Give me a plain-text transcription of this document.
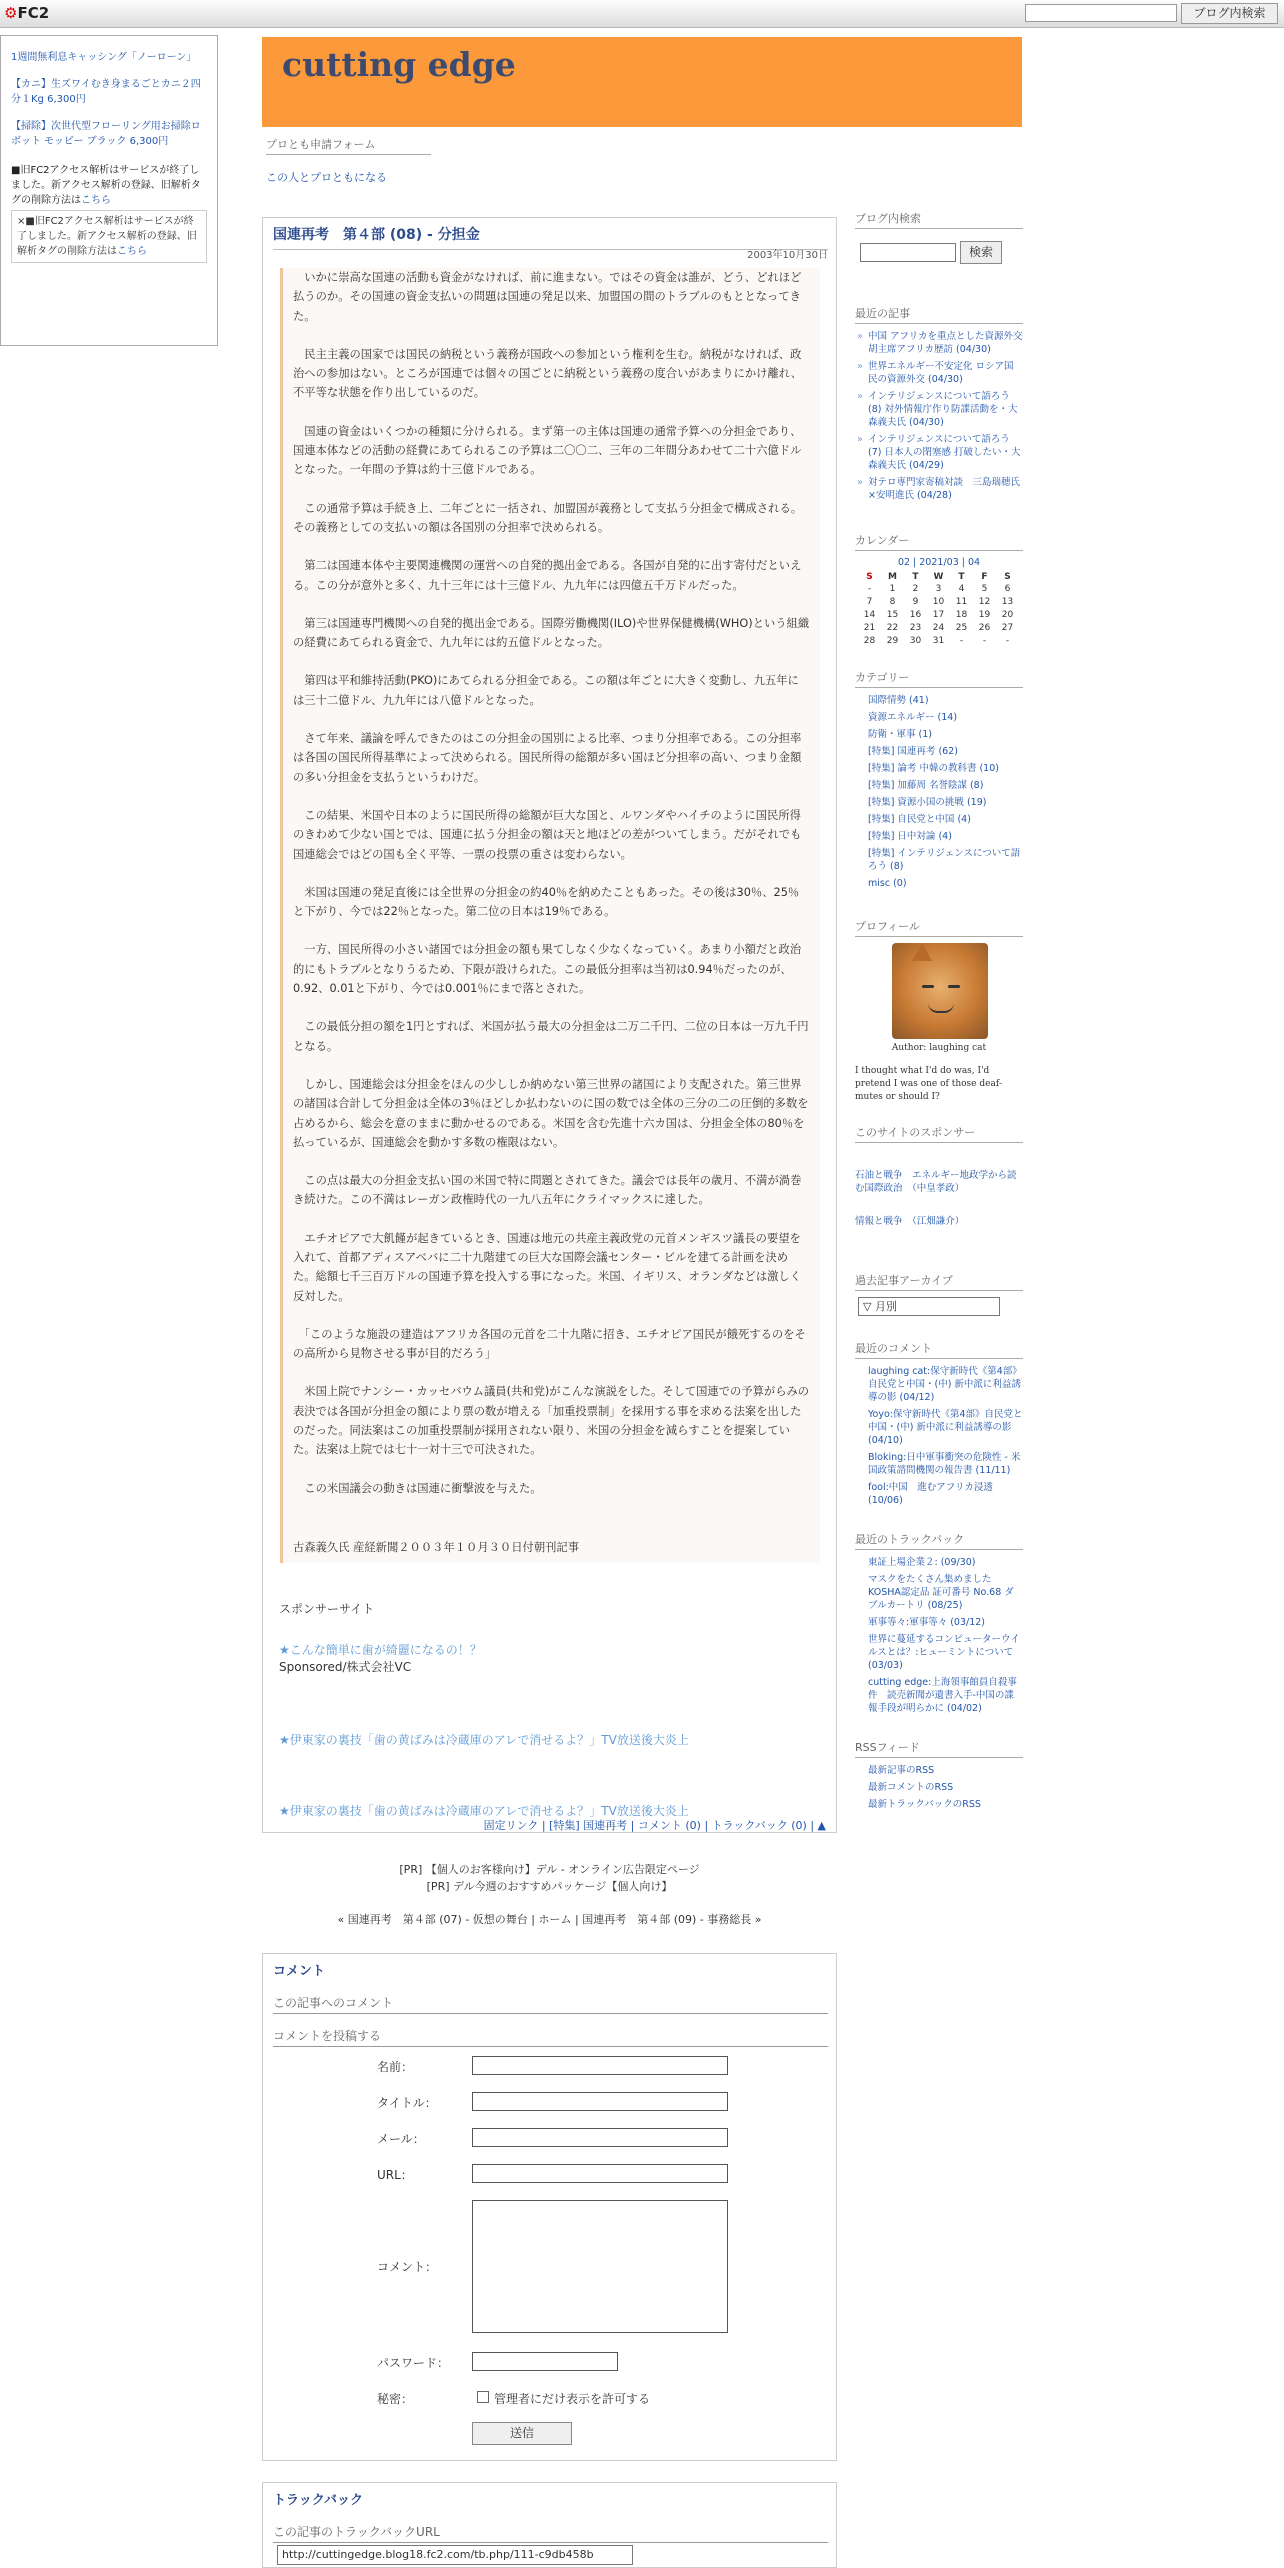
⚙FC2	ブログ内検索

1週間無利息キャッシング「ノーローン」

【カニ】生ズワイむき身まるごとカニ２四分１Kg 6,300円

【掃除】次世代型フローリング用お掃除ロボット モッピー ブラック 6,300円

■旧FC2アクセス解析はサービスが終了しました。新アクセス解析の登録、旧解析タグの削除方法はこちら
×■旧FC2アクセス解析はサービスが終了しました。新アクセス解析の登録、旧解析タグの削除方法はこちら
cutting edge
プロとも申請フォーム
この人とプロともになる
国連再考　第４部 (08) - 分担金
2003年10月30日

　いかに崇高な国連の活動も資金がなければ、前に進まない。ではその資金は誰が、どう、どれほど払うのか。その国連の資金支払いの問題は国連の発足以来、加盟国の間のトラブルのもととなってきた。

　民主主義の国家では国民の納税という義務が国政への参加という権利を生む。納税がなければ、政治への参加はない。ところが国連では個々の国ごとに納税という義務の度合いがあまりにかけ離れ、不平等な状態を作り出しているのだ。

　国連の資金はいくつかの種類に分けられる。まず第一の主体は国連の通常予算への分担金であり、国連本体などの活動の経費にあてられるこの予算は二〇〇二、三年の二年間分あわせて二十六億ドルとなった。一年間の予算は約十三億ドルである。

　この通常予算は手続き上、二年ごとに一括され、加盟国が義務として支払う分担金で構成される。その義務としての支払いの額は各国別の分担率で決められる。

　第二は国連本体や主要関連機関の運営への自発的拠出金である。各国が自発的に出す寄付だといえる。この分が意外と多く、九十三年には十三億ドル、九九年には四億五千万ドルだった。

　第三は国連専門機関への自発的拠出金である。国際労働機関(ILO)や世界保健機構(WHO)という組織の経費にあてられる資金で、九九年には約五億ドルとなった。

　第四は平和維持活動(PKO)にあてられる分担金である。この額は年ごとに大きく変動し、九五年には三十二億ドル、九九年には八億ドルとなった。

　さて年来、議論を呼んできたのはこの分担金の国別による比率、つまり分担率である。この分担率は各国の国民所得基準によって決められる。国民所得の総額が多い国ほど分担率の高い、つまり金額の多い分担金を支払うというわけだ。

　この結果、米国や日本のように国民所得の総額が巨大な国と、ルワンダやハイチのように国民所得のきわめて少ない国とでは、国連に払う分担金の額は天と地ほどの差がついてしまう。だがそれでも国連総会ではどの国も全く平等、一票の投票の重さは変わらない。

　米国は国連の発足直後には全世界の分担金の約40％を納めたこともあった。その後は30％、25％と下がり、今では22％となった。第二位の日本は19％である。

　一方、国民所得の小さい諸国では分担金の額も果てしなく少なくなっていく。あまり小額だと政治的にもトラブルとなりうるため、下限が設けられた。この最低分担率は当初は0.94％だったのが、0.92、0.01と下がり、今では0.001％にまで落とされた。

　この最低分担の額を1円とすれば、米国が払う最大の分担金は二万二千円、二位の日本は一万九千円となる。

　しかし、国連総会は分担金をほんの少ししか納めない第三世界の諸国により支配された。第三世界の諸国は合計して分担金は全体の3％ほどしか払わないのに国の数では全体の三分の二の圧倒的多数を占めるから、総会を意のままに動かせるのである。米国を含む先進十六カ国は、分担金全体の80％を払っているが、国連総会を動かす多数の権限はない。

　この点は最大の分担金支払い国の米国で特に問題とされてきた。議会では長年の歳月、不満が渦巻き続けた。この不満はレーガン政権時代の一九八五年にクライマックスに達した。

　エチオピアで大飢饉が起きているとき、国連は地元の共産主義政党の元首メンギスツ議長の要望を入れて、首都アディスアベバに二十九階建ての巨大な国際会議センター・ビルを建てる計画を決めた。総額七千三百万ドルの国連予算を投入する事になった。米国、イギリス、オランダなどは激しく反対した。

　「このような施設の建造はアフリカ各国の元首を二十九階に招き、エチオピア国民が餓死するのをその高所から見物させる事が目的だろう」

　米国上院でナンシー・カッセバウム議員(共和党)がこんな演説をした。そして国連での予算がらみの表決では各国が分担金の額により票の数が増える「加重投票制」を採用する事を求める法案を出したのだった。同法案はこの加重投票制が採用されない限り、米国の分担金を減らすことを提案していた。法案は上院では七十一対十三で可決された。

　この米国議会の動きは国連に衝撃波を与えた。

古森義久氏 産経新聞２００３年１０月３０日付朝刊記事

スポンサーサイト
★こんな簡単に歯が綺麗になるの！？
Sponsored/株式会社VC
★伊東家の裏技「歯の黄ばみは冷蔵庫のアレで消せるよ？」TV放送後大炎上
★伊東家の裏技「歯の黄ばみは冷蔵庫のアレで消せるよ？」TV放送後大炎上
固定リンク | [特集] 国連再考 | コメント (0) | トラックバック (0) | ▲
[PR] 【個人のお客様向け】デル - オンライン広告限定ページ
[PR] デル今週のおすすめパッケージ【個人向け】
« 国連再考　第４部 (07) - 仮想の舞台 | ホーム | 国連再考　第４部 (09) - 事務総長 »
コメント
この記事へのコメント
コメントを投稿する
名前：
タイトル：
メール：
URL：
コメント：
パスワード：
秘密：	管理者にだけ表示を許可する
送信
トラックバック
この記事のトラックバックURL
http://cuttingedge.blog18.fc2.com/tb.php/111-c9db458b
ブログ内検索
検索
最近の記事
» 中国 アフリカを重点とした資源外交 胡主席アフリカ歴訪 (04/30)
» 世界エネルギー不安定化 ロシア国民の資源外交 (04/30)
» インテリジェンスについて語ろう (8) 対外情報庁作り防諜活動を・大森義夫氏 (04/30)
» インテリジェンスについて語ろう (7) 日本人の閉塞感 打破したい・大森義夫氏 (04/29)
» 対テロ専門家寄稿対談　三島瑞穂氏×安明進氏 (04/28)
カレンダー
02 | 2021/03 | 04
S	M	T	W	T	F	S
-	1	2	3	4	5	6
7	8	9	10	11	12	13
14	15	16	17	18	19	20
21	22	23	24	25	26	27
28	29	30	31	-	-	-
カテゴリー
国際情勢 (41)
資源エネルギー (14)
防衛・軍事 (1)
[特集] 国連再考 (62)
[特集] 論考 中韓の教科書 (10)
[特集] 加藤周 名誉陰謀 (8)
[特集] 資源小国の挑戦 (19)
[特集] 自民党と中国 (4)
[特集] 日中対論 (4)
[特集] インテリジェンスについて語ろう (8)
misc (0)
プロフィール
Author: laughing cat
I thought what I'd do was, I'd pretend I was one of those deaf-mutes or should I?
このサイトのスポンサー
石油と戦争　エネルギー地政学から読む国際政治　（中皇孝政）
情報と戦争　（江畑謙介）
過去記事アーカイブ
▽ 月別
最近のコメント
laughing cat:保守新時代《第4部》自民党と中国・(中) 新中派に利益誘導の影 (04/12)
Yoyo:保守新時代《第4部》自民党と中国・(中) 新中派に利益誘導の影 (04/10)
Bloking:日中軍事衝突の危険性 - 米国政策諮問機関の報告書 (11/11)
fool:中国　進むアフリカ浸透 (10/06)
最近のトラックバック
東証上場企業２: (09/30)
マスクをたくさん集めましたKOSHA認定品 証可番号 No.68 ダブルカートリ (08/25)
軍事等々:軍事等々 (03/12)
世界に蔓延するコンピューターウイルスとは？:ヒューミントについて (03/03)
cutting edge:上海領事館員自殺事件　読売新聞が遺書入手-中国の諜報手段が明らかに (04/02)
RSSフィード
最新記事のRSS
最新コメントのRSS
最新トラックバックのRSS
